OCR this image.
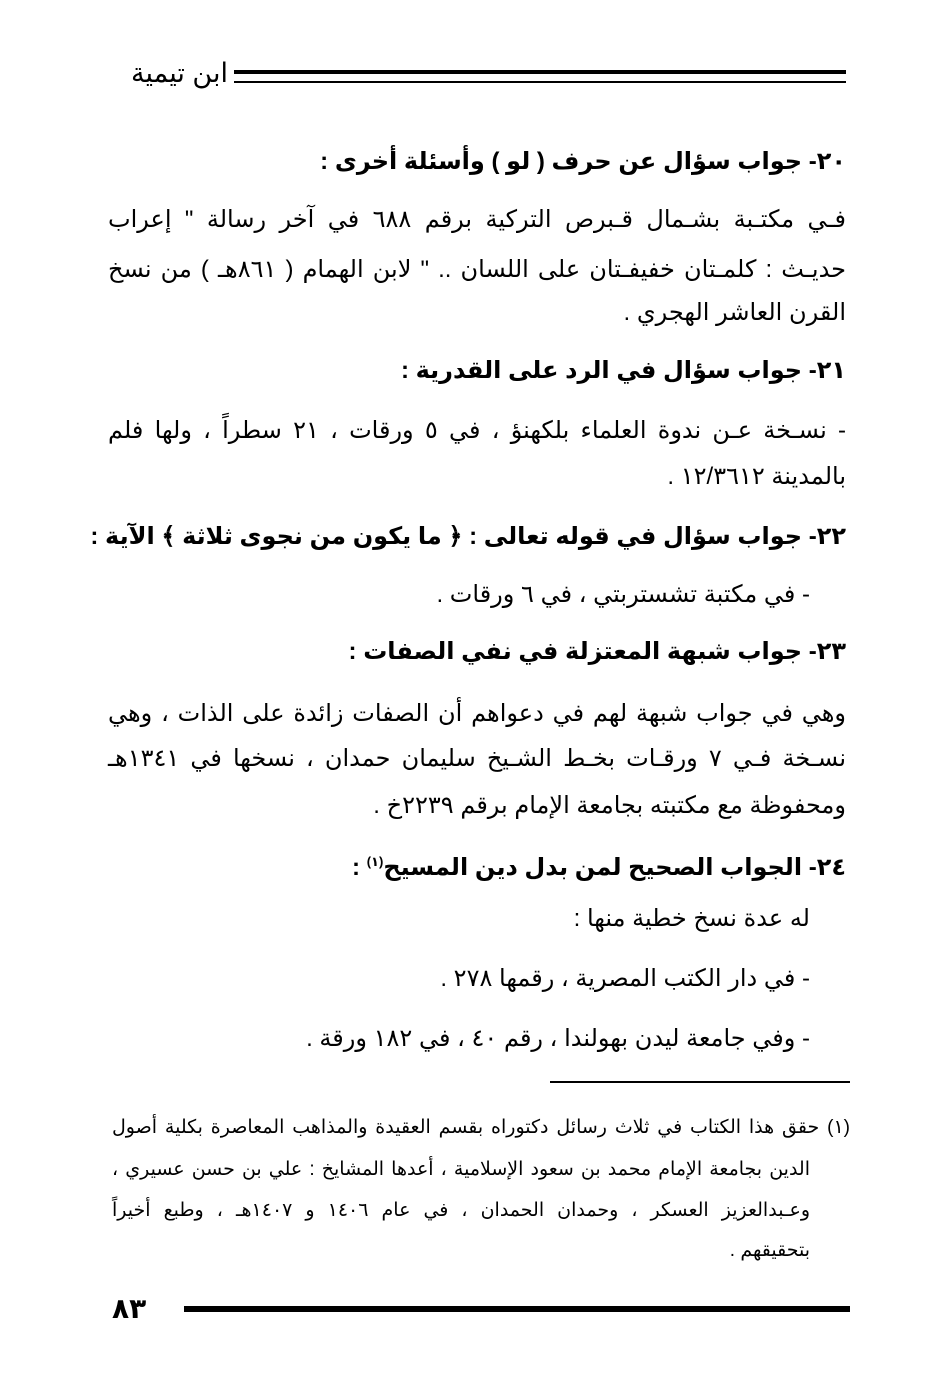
ابن تيمية
٢٠- جواب سؤال عن حرف ( لو ) وأسئلة أخرى :
فـي مكتـبة بشـمال قـبرص التركية برقم ٦٨٨ في آخر رسالة " إعراب
حديـث : كلمـتان خفيفـتان على اللسان .. " لابن الهمام ( ٨٦١هـ ) من نسخ
القرن العاشر الهجري .
٢١- جواب سؤال في الرد على القدرية :
- نسـخة عـن ندوة العلماء بلكهنؤ ، في ٥ ورقات ، ٢١ سطراً ، ولها فلم
بالمدينة ١٢/٣٦١٢ .
٢٢- جواب سؤال في قوله تعالى : ﴿ ما يكون من نجوى ثلاثة ﴾ الآية :
- في مكتبة تشستربتي ، في ٦ ورقات .
٢٣- جواب شبهة المعتزلة في نفي الصفات :
وهي في جواب شبهة لهم في دعواهم أن الصفات زائدة على الذات ، وهي
نسـخة فـي ٧ ورقـات بخـط الشـيخ سليمان حمدان ، نسخها في ١٣٤١هـ
ومحفوظة مع مكتبته بجامعة الإمام برقم ٢٢٣٩خ .
٢٤- الجواب الصحيح لمن بدل دين المسيح$^{(١)}$ :
له عدة نسخ خطية منها :
- في دار الكتب المصرية ، رقمها ٢٧٨ .
- وفي جامعة ليدن بهولندا ، رقم ٤٠ ، في ١٨٢ ورقة .
(١) حقق هذا الكتاب في ثلاث رسائل دكتوراه بقسم العقيدة والمذاهب المعاصرة بكلية أصول
الدين بجامعة الإمام محمد بن سعود الإسلامية ، أعدها المشايخ : علي بن حسن عسيري ،
وعـبدالعزيز العسكر ، وحمدان الحمدان ، في عام ١٤٠٦ و ١٤٠٧هـ ، وطبع أخيراً
بتحقيقهم .
٨٣
